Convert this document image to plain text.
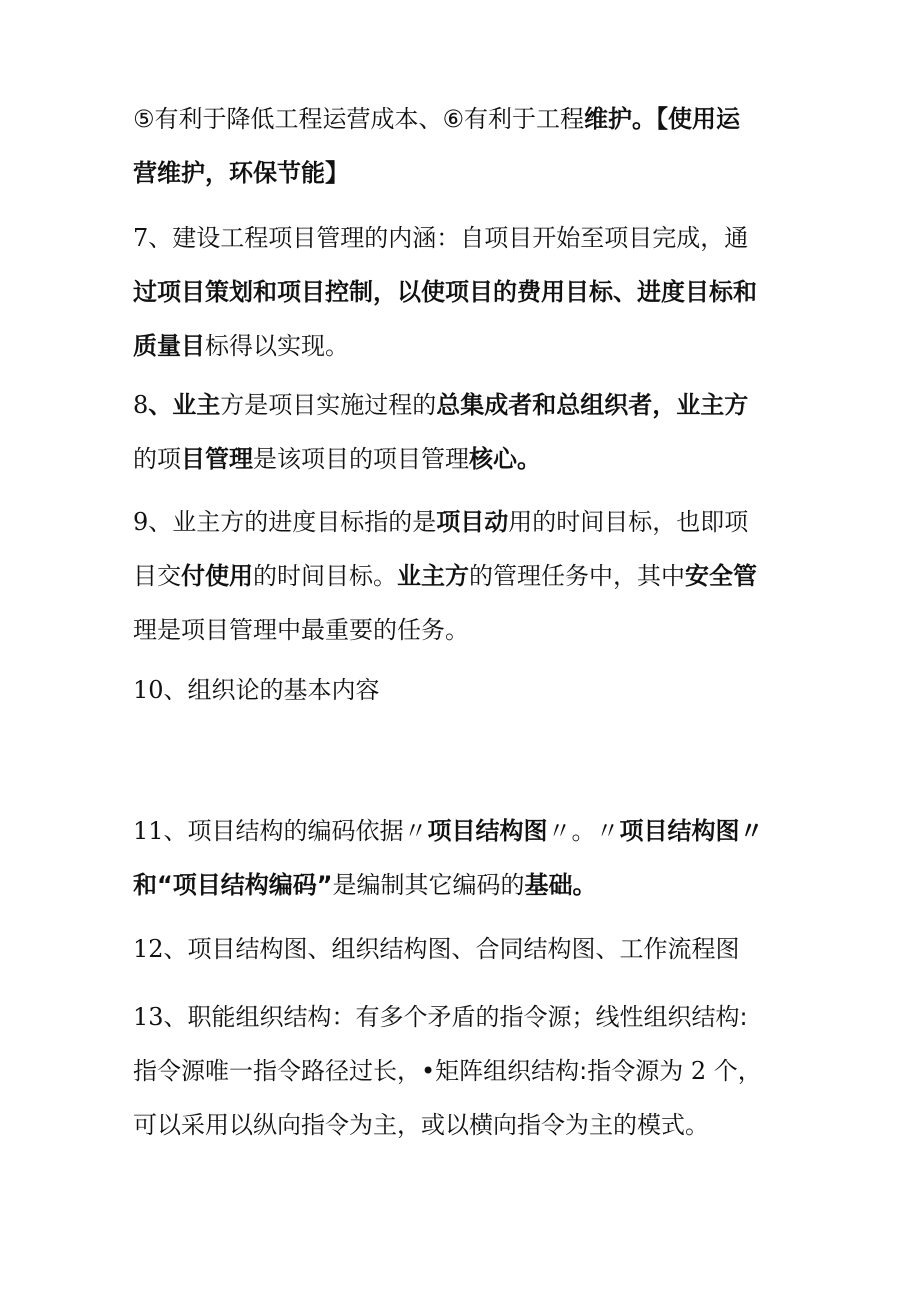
⑤有利于降低工程运营成本、⑥有利于工程维护。【使用运
营维护，环保节能】

7、建设工程项目管理的内涵：自项目开始至项目完成，通
过项目策划和项目控制，以使项目的费用目标、进度目标和
质量目标得以实现。

8、业主方是项目实施过程的总集成者和总组织者，业主方
的项目管理是该项目的项目管理核心。

9、业主方的进度目标指的是项目动用的时间目标，也即项
目交付使用的时间目标。业主方的管理任务中，其中安全管
理是项目管理中最重要的任务。

10、组织论的基本内容

11、项目结构的编码依据〃项目结构图〃。〃项目结构图〃
和“项目结构编码”是编制其它编码的基础。

12、项目结构图、组织结构图、合同结构图、工作流程图

13、职能组织结构：有多个矛盾的指令源；线性组织结构:
指令源唯一指令路径过长，•矩阵组织结构:指令源为 2 个，
可以采用以纵向指令为主，或以横向指令为主的模式。
